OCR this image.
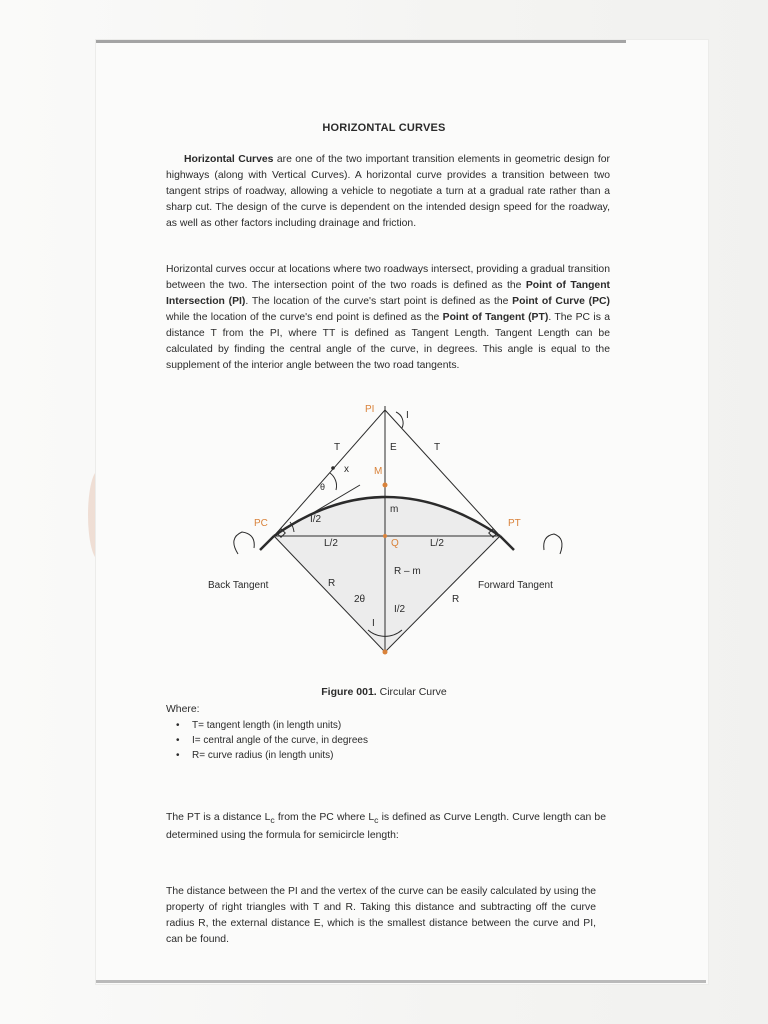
HORIZONTAL CURVES
Horizontal Curves are one of the two important transition elements in geometric design for highways (along with Vertical Curves). A horizontal curve provides a transition between two tangent strips of roadway, allowing a vehicle to negotiate a turn at a gradual rate rather than a sharp cut. The design of the curve is dependent on the intended design speed for the roadway, as well as other factors including drainage and friction.
Horizontal curves occur at locations where two roadways intersect, providing a gradual transition between the two. The intersection point of the two roads is defined as the Point of Tangent Intersection (PI). The location of the curve's start point is defined as the Point of Curve (PC) while the location of the curve's end point is defined as the Point of Tangent (PT). The PC is a distance T from the PI, where TT is defined as Tangent Length. Tangent Length can be calculated by finding the central angle of the curve, in degrees. This angle is equal to the supplement of the interior angle between the two road tangents.
PI
I
T	T
E
x	M
θ
m
PC	PT
I/2
L/2	Q	L/2
R – m
Back Tangent	Forward Tangent
R
2θ	R
I/2
I
Figure 001. Circular Curve
Where:
• T= tangent length (in length units)
• I= central angle of the curve, in degrees
• R= curve radius (in length units)
The PT is a distance $L_c$ from the PC where $L_c$ is defined as Curve Length. Curve length can be determined using the formula for semicircle length:
The distance between the PI and the vertex of the curve can be easily calculated by using the property of right triangles with T and R. Taking this distance and subtracting off the curve radius R, the external distance E, which is the smallest distance between the curve and PI, can be found.
